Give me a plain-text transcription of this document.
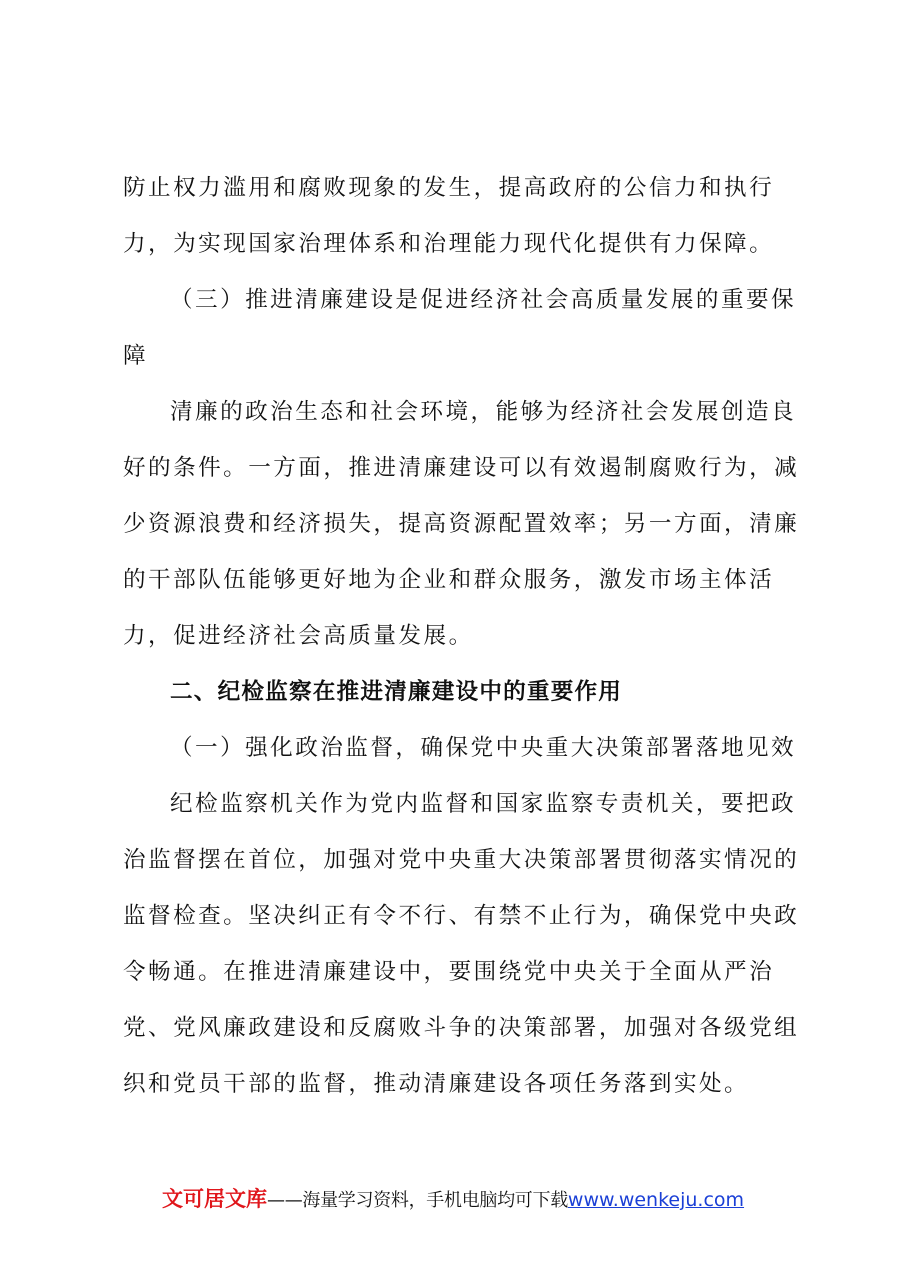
防止权力滥用和腐败现象的发生，提高政府的公信力和执行
力，为实现国家治理体系和治理能力现代化提供有力保障。
（三）推进清廉建设是促进经济社会高质量发展的重要保
障
清廉的政治生态和社会环境，能够为经济社会发展创造良
好的条件。一方面，推进清廉建设可以有效遏制腐败行为，减
少资源浪费和经济损失，提高资源配置效率；另一方面，清廉
的干部队伍能够更好地为企业和群众服务，激发市场主体活
力，促进经济社会高质量发展。
二、纪检监察在推进清廉建设中的重要作用
（一）强化政治监督，确保党中央重大决策部署落地见效
纪检监察机关作为党内监督和国家监察专责机关，要把政
治监督摆在首位，加强对党中央重大决策部署贯彻落实情况的
监督检查。坚决纠正有令不行、有禁不止行为，确保党中央政
令畅通。在推进清廉建设中，要围绕党中央关于全面从严治
党、党风廉政建设和反腐败斗争的决策部署，加强对各级党组
织和党员干部的监督，推动清廉建设各项任务落到实处。
文可居文库——海量学习资料，手机电脑均可下载www.wenkeju.com
